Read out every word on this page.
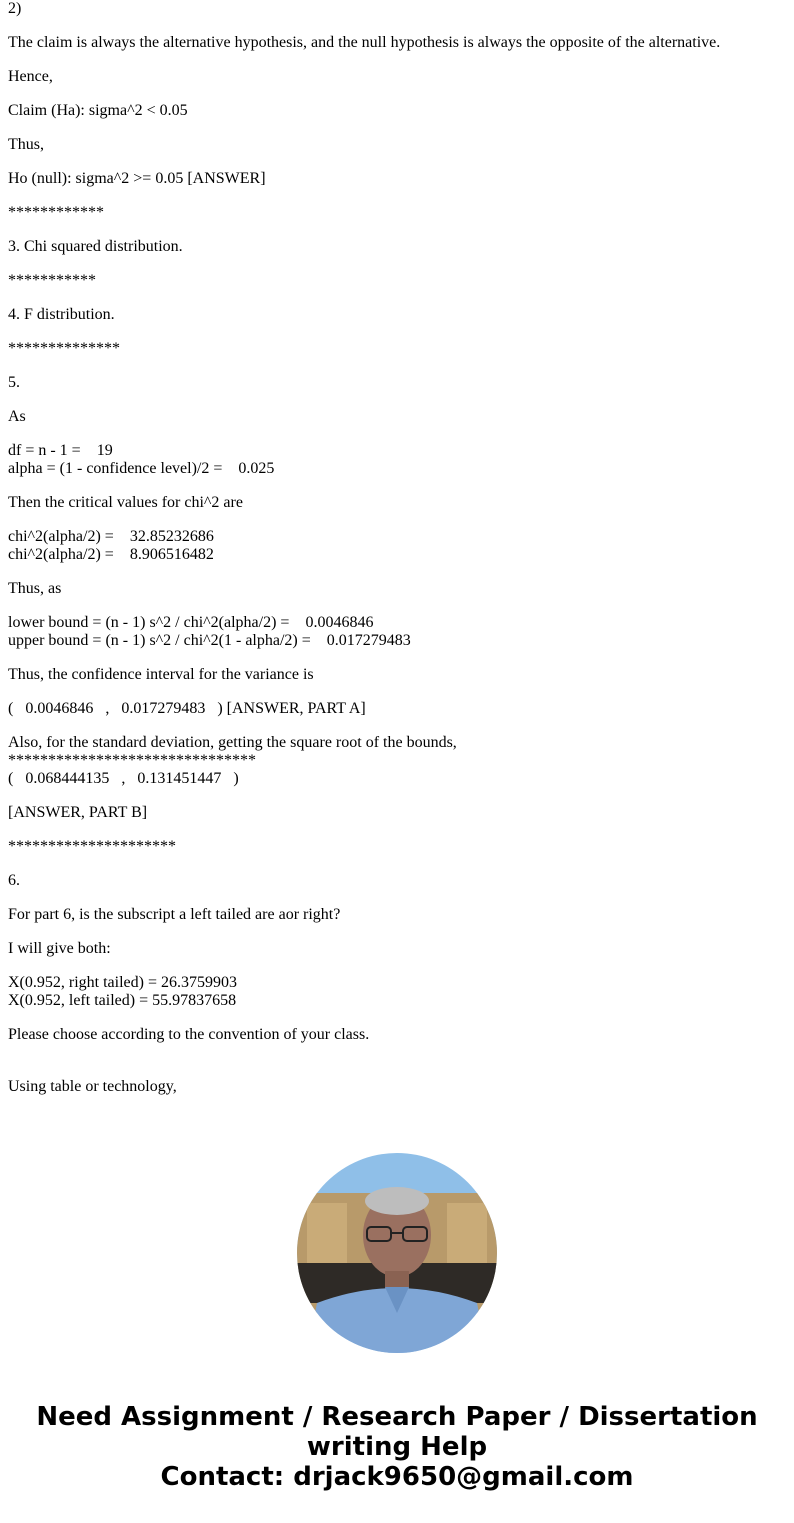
2)

The claim is always the alternative hypothesis, and the null hypothesis is always the opposite of the alternative.

Hence,

Claim (Ha): sigma^2 < 0.05

Thus,

Ho (null): sigma^2 >= 0.05 [ANSWER]

************

3. Chi squared distribution.

***********

4. F distribution.

**************

5.

As

df = n - 1 =    19

alpha = (1 - confidence level)/2 =    0.025

Then the critical values for chi^2 are

chi^2(alpha/2) =    32.85232686

chi^2(alpha/2) =    8.906516482

Thus, as

lower bound = (n - 1) s^2 / chi^2(alpha/2) =    0.0046846

upper bound = (n - 1) s^2 / chi^2(1 - alpha/2) =    0.017279483

Thus, the confidence interval for the variance is

(   0.0046846   ,   0.017279483   ) [ANSWER, PART A]

Also, for the standard deviation, getting the square root of the bounds,

*******************************

(   0.068444135   ,   0.131451447   )

[ANSWER, PART B]

*********************

6.

For part 6, is the subscript a left tailed are aor right?

I will give both:

X(0.952, right tailed) = 26.3759903

X(0.952, left tailed) = 55.97837658

Please choose according to the convention of your class.

Using table or technology,

Need Assignment / Research Paper / Dissertation
writing Help
Contact: drjack9650@gmail.com
